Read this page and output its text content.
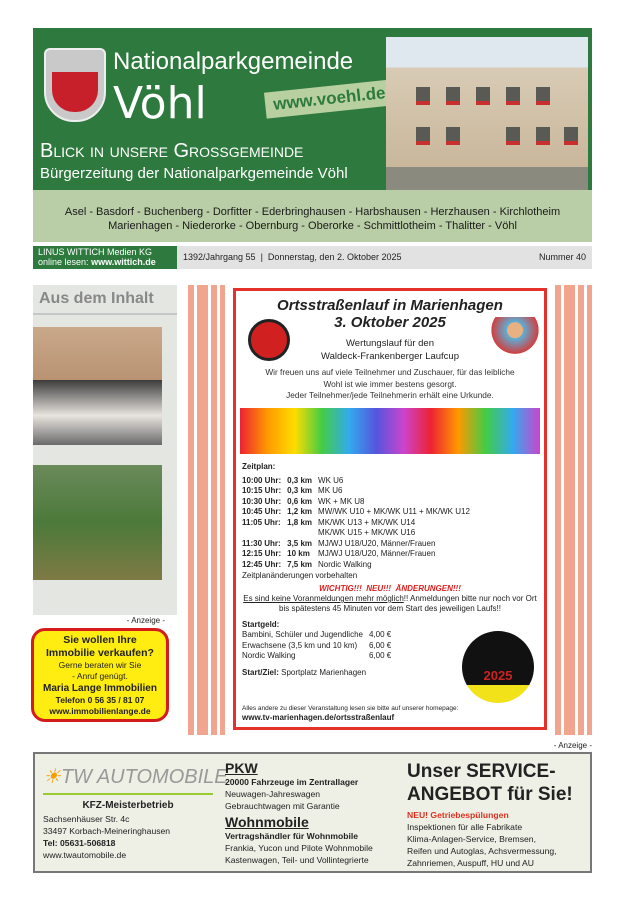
Nationalparkgemeinde
Vöhl	www.voehl.de
Blick in unsere Großgemeinde
Bürgerzeitung der Nationalparkgemeinde Vöhl
Asel - Basdorf - Buchenberg - Dorfitter - Ederbringhausen - Harbshausen - Herzhausen - Kirchlotheim
Marienhagen - Niederorke - Obernburg - Oberorke - Schmittlotheim - Thalitter - Vöhl
LINUS WITTICH Medien KG
online lesen: www.wittich.de	1392/Jahrgang 55  |  Donnerstag, den 2. Oktober 2025	Nummer 40
Aus dem Inhalt
- Anzeige -
Sie wollen Ihre
Immobilie verkaufen?
Gerne beraten wir Sie
- Anruf genügt.
Maria Lange Immobilien
Telefon 0 56 35 / 81 07
www.immobilienlange.de
Ortsstraßenlauf in Marienhagen
3. Oktober 2025
Wertungslauf für den
Waldeck-Frankenberger Laufcup
Wir freuen uns auf viele Teilnehmer und Zuschauer, für das leibliche
Wohl ist wie immer bestens gesorgt.
Jeder Teilnehmer/jede Teilnehmerin erhält eine Urkunde.
Zeitplan:
10:00 Uhr:	0,3 km	WK U6
10:15 Uhr:	0,3 km	MK U6
10:30 Uhr:	0,6 km	WK + MK U8
10:45 Uhr:	1,2 km	MW/WK U10 + MK/WK U11 + MK/WK U12
11:05 Uhr:	1,8 km	MK/WK U13 + MK/WK U14
		MK/WK U15 + MK/WK U16
11:30 Uhr:	3,5 km	MJ/WJ U18/U20, Männer/Frauen
12:15 Uhr:	10 km	MJ/WJ U18/U20, Männer/Frauen
12:45 Uhr:	7,5 km	Nordic Walking
Zeitplanänderungen vorbehalten
WICHTIG!!!  NEU!!!  ÄNDERUNGEN!!!
Es sind keine Voranmeldungen mehr möglich!! Anmeldungen bitte nur noch vor Ort bis spätestens 45 Minuten vor dem Start des jeweiligen Laufs!!
Startgeld:
Bambini, Schüler und Jugendliche	4,00 €
Erwachsene (3,5 km und 10 km)	6,00 €
Nordic Walking	6,00 €
Start/Ziel: Sportplatz Marienhagen
Alles andere zu dieser Veranstaltung lesen sie bitte auf unserer homepage:
www.tv-marienhagen.de/ortsstraßenlauf
2025
- Anzeige -
☀TW AUTOMOBILE
KFZ-Meisterbetrieb
Sachsenhäuser Str. 4c
33497 Korbach-Meineringhausen
Tel: 05631-506818
www.twautomobile.de
PKW
20000 Fahrzeuge im Zentrallager
Neuwagen-Jahreswagen
Gebrauchtwagen mit Garantie
Wohnmobile
Vertragshändler für Wohnmobile
Frankia, Yucon und Pilote Wohnmobile
Kastenwagen, Teil- und Vollintegrierte
Unser SERVICE-
ANGEBOT für Sie!
NEU! Getriebespülungen
Inspektionen für alle Fabrikate
Klima-Anlagen-Service, Bremsen,
Reifen und Autoglas, Achsvermessung,
Zahnriemen, Auspuff, HU und AU
